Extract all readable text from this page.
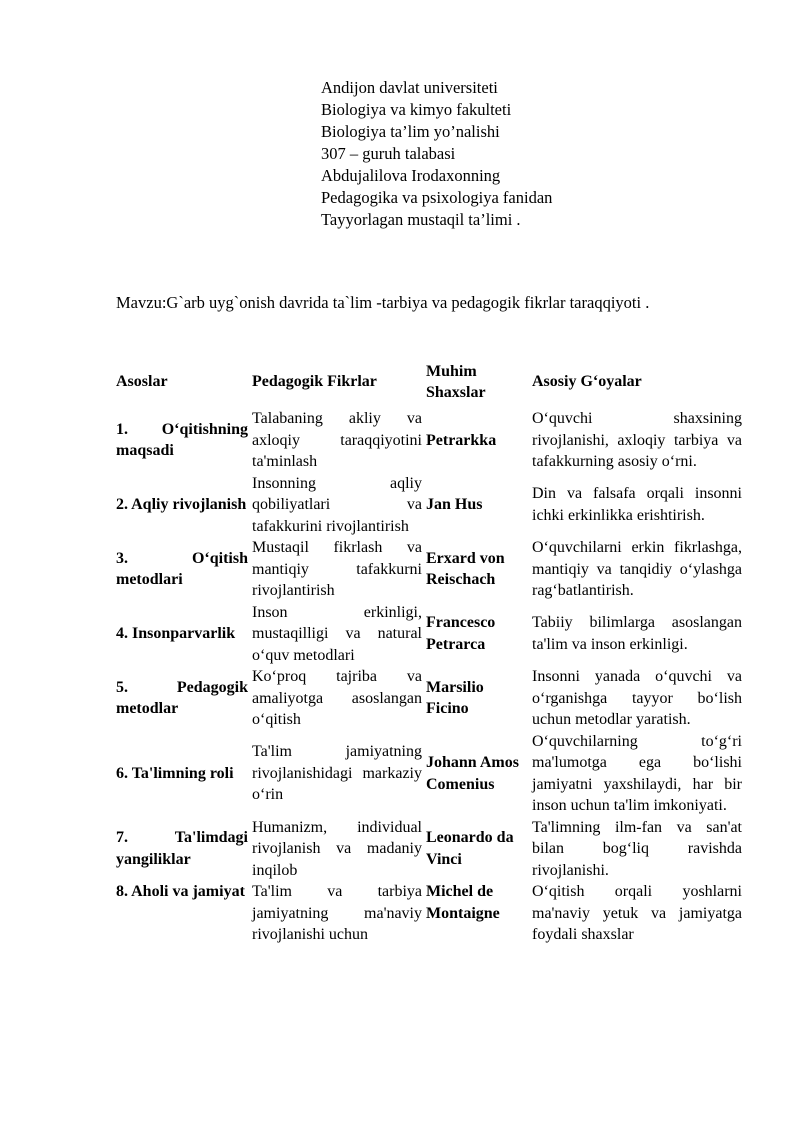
Andijon davlat universiteti
Biologiya va kimyo fakulteti
Biologiya ta’lim yo’nalishi
307 – guruh talabasi
Abdujalilova Irodaxonning
Pedagogika va psixologiya fanidan
Tayyorlagan mustaqil ta’limi .
Mavzu:G`arb uyg`onish davrida ta`lim -tarbiya va pedagogik fikrlar taraqqiyoti .
Asoslar	Pedagogik Fikrlar	Muhim Shaxslar	Asosiy G‘oyalar
1. O‘qitishning maqsadi	Talabaning akliy va axloqiy taraqqiyotini ta'minlash	Petrarkka	O‘quvchi shaxsining rivojlanishi, axloqiy tarbiya va tafakkurning asosiy o‘rni.
2. Aqliy rivojlanish	Insonning aqliy qobiliyatlari va tafakkurini rivojlantirish	Jan Hus	Din va falsafa orqali insonni ichki erkinlikka erishtirish.
3. O‘qitish metodlari	Mustaqil fikrlash va mantiqiy tafakkurni rivojlantirish	Erxard von Reischach	O‘quvchilarni erkin fikrlashga, mantiqiy va tanqidiy o‘ylashga rag‘batlantirish.
4. Insonparvarlik	Inson erkinligi, mustaqilligi va natural o‘quv metodlari	Francesco Petrarca	Tabiiy bilimlarga asoslangan ta'lim va inson erkinligi.
5. Pedagogik metodlar	Ko‘proq tajriba va amaliyotga asoslangan o‘qitish	Marsilio Ficino	Insonni yanada o‘quvchi va o‘rganishga tayyor bo‘lish uchun metodlar yaratish.
6. Ta'limning roli	Ta'lim jamiyatning rivojlanishidagi markaziy o‘rin	Johann Amos Comenius	O‘quvchilarning to‘g‘ri ma'lumotga ega bo‘lishi jamiyatni yaxshilaydi, har bir inson uchun ta'lim imkoniyati.
7. Ta'limdagi yangiliklar	Humanizm, individual rivojlanish va madaniy inqilob	Leonardo da Vinci	Ta'limning ilm-fan va san'at bilan bog‘liq ravishda rivojlanishi.
8. Aholi va jamiyat	Ta'lim va tarbiya jamiyatning ma'naviy rivojlanishi uchun	Michel de Montaigne	O‘qitish orqali yoshlarni ma'naviy yetuk va jamiyatga foydali shaxslar
